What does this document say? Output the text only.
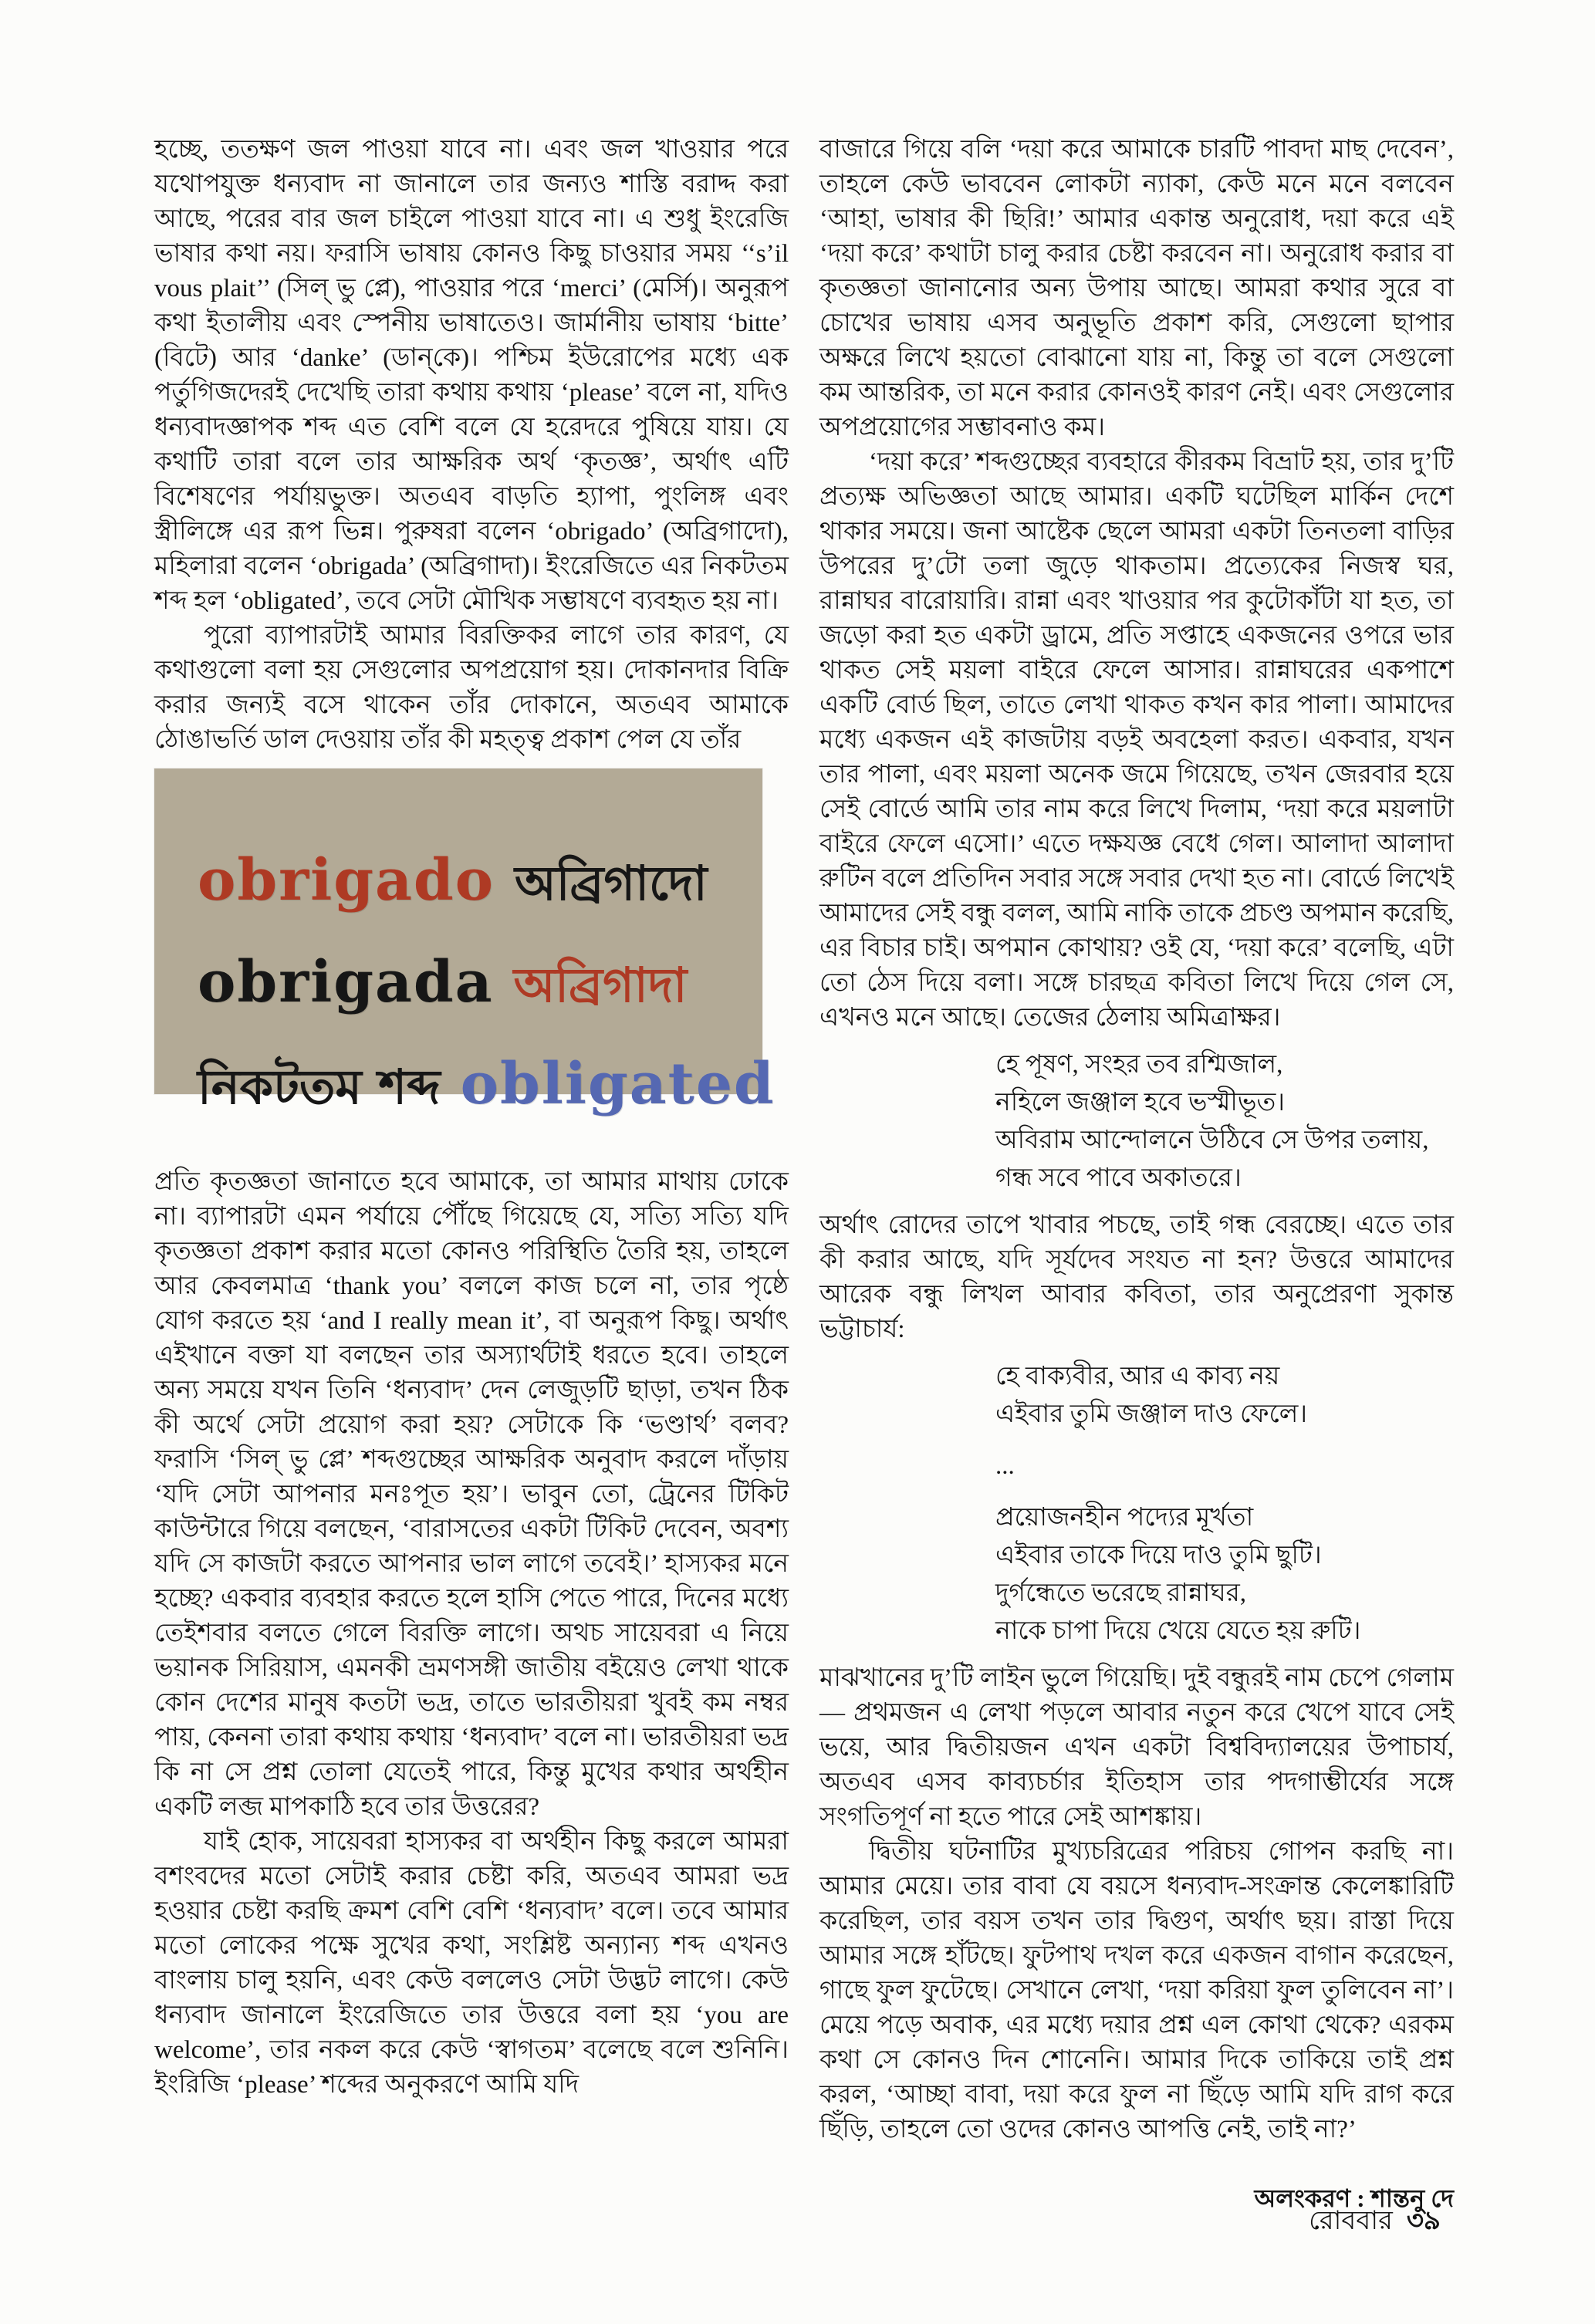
হচ্ছে, ততক্ষণ জল পাওয়া যাবে না। এবং জল খাওয়ার পরে যথোপযুক্ত ধন্যবাদ না জানালে তার জন্যও শাস্তি বরাদ্দ করা আছে, পরের বার জল চাইলে পাওয়া যাবে না। এ শুধু ইংরেজি ভাষার কথা নয়। ফরাসি ভাষায় কোনও কিছু চাওয়ার সময় ‘‘s’il vous plait’’ (সিল্ ভু প্লে), পাওয়ার পরে ‘merci’ (মের্সি)। অনুরূপ কথা ইতালীয় এবং স্পেনীয় ভাষাতেও। জার্মানীয় ভাষায় ‘bitte’ (বিটে) আর ‘danke’ (ডান্‌কে)। পশ্চিম ইউরোপের মধ্যে এক পর্তুগিজদেরই দেখেছি তারা কথায় কথায় ‘please’ বলে না, যদিও ধন্যবাদজ্ঞাপক শব্দ এত বেশি বলে যে হরেদরে পুষিয়ে যায়। যে কথাটি তারা বলে তার আক্ষরিক অর্থ ‘কৃতজ্ঞ’, অর্থাৎ এটি বিশেষণের পর্যায়ভুক্ত। অতএব বাড়তি হ্যাপা, পুংলিঙ্গ এবং স্ত্রীলিঙ্গে এর রূপ ভিন্ন। পুরুষরা বলেন ‘obrigado’ (অব্রিগাদো), মহিলারা বলেন ‘obrigada’ (অব্রিগাদা)। ইংরেজিতে এর নিকটতম শব্দ হল ‘obligated’, তবে সেটা মৌখিক সম্ভাষণে ব্যবহৃত হয় না।

পুরো ব্যাপারটাই আমার বিরক্তিকর লাগে তার কারণ, যে কথাগুলো বলা হয় সেগুলোর অপপ্রয়োগ হয়। দোকানদার বিক্রি করার জন্যই বসে থাকেন তাঁর দোকানে, অতএব আমাকে ঠোঙাভর্তি ডাল দেওয়ায় তাঁর কী মহত্ত্ব প্রকাশ পেল যে তাঁর

obrigado অব্রিগাদো
obrigada অব্রিগাদা
নিকটতম শব্দ obligated

প্রতি কৃতজ্ঞতা জানাতে হবে আমাকে, তা আমার মাথায় ঢোকে না। ব্যাপারটা এমন পর্যায়ে পৌঁছে গিয়েছে যে, সত্যি সত্যি যদি কৃতজ্ঞতা প্রকাশ করার মতো কোনও পরিস্থিতি তৈরি হয়, তাহলে আর কেবলমাত্র ‘thank you’ বললে কাজ চলে না, তার পৃষ্ঠে যোগ করতে হয় ‘and I really mean it’, বা অনুরূপ কিছু। অর্থাৎ এইখানে বক্তা যা বলছেন তার অস্যার্থটাই ধরতে হবে। তাহলে অন্য সময়ে যখন তিনি ‘ধন্যবাদ’ দেন লেজুড়টি ছাড়া, তখন ঠিক কী অর্থে সেটা প্রয়োগ করা হয়? সেটাকে কি ‘ভণ্ডার্থ’ বলব? ফরাসি ‘সিল্ ভু প্লে’ শব্দগুচ্ছের আক্ষরিক অনুবাদ করলে দাঁড়ায় ‘যদি সেটা আপনার মনঃপূত হয়’। ভাবুন তো, ট্রেনের টিকিট কাউন্টারে গিয়ে বলছেন, ‘বারাসতের একটা টিকিট দেবেন, অবশ্য যদি সে কাজটা করতে আপনার ভাল লাগে তবেই।’ হাস্যকর মনে হচ্ছে? একবার ব্যবহার করতে হলে হাসি পেতে পারে, দিনের মধ্যে তেইশবার বলতে গেলে বিরক্তি লাগে। অথচ সায়েবরা এ নিয়ে ভয়ানক সিরিয়াস, এমনকী ভ্রমণসঙ্গী জাতীয় বইয়েও লেখা থাকে কোন দেশের মানুষ কতটা ভদ্র, তাতে ভারতীয়রা খুবই কম নম্বর পায়, কেননা তারা কথায় কথায় ‘ধন্যবাদ’ বলে না। ভারতীয়রা ভদ্র কি না সে প্রশ্ন তোলা যেতেই পারে, কিন্তু মুখের কথার অর্থহীন একটি লব্জ মাপকাঠি হবে তার উত্তরের?

যাই হোক, সায়েবরা হাস্যকর বা অর্থহীন কিছু করলে আমরা বশংবদের মতো সেটাই করার চেষ্টা করি, অতএব আমরা ভদ্র হওয়ার চেষ্টা করছি ক্রমশ বেশি বেশি ‘ধন্যবাদ’ বলে। তবে আমার মতো লোকের পক্ষে সুখের কথা, সংশ্লিষ্ট অন্যান্য শব্দ এখনও বাংলায় চালু হয়নি, এবং কেউ বললেও সেটা উদ্ভট লাগে। কেউ ধন্যবাদ জানালে ইংরেজিতে তার উত্তরে বলা হয় ‘you are welcome’, তার নকল করে কেউ ‘স্বাগতম’ বলেছে বলে শুনিনি। ইংরিজি ‘please’ শব্দের অনুকরণে আমি যদি

বাজারে গিয়ে বলি ‘দয়া করে আমাকে চারটি পাবদা মাছ দেবেন’, তাহলে কেউ ভাববেন লোকটা ন্যাকা, কেউ মনে মনে বলবেন ‘আহা, ভাষার কী ছিরি!’ আমার একান্ত অনুরোধ, দয়া করে এই ‘দয়া করে’ কথাটা চালু করার চেষ্টা করবেন না। অনুরোধ করার বা কৃতজ্ঞতা জানানোর অন্য উপায় আছে। আমরা কথার সুরে বা চোখের ভাষায় এসব অনুভূতি প্রকাশ করি, সেগুলো ছাপার অক্ষরে লিখে হয়তো বোঝানো যায় না, কিন্তু তা বলে সেগুলো কম আন্তরিক, তা মনে করার কোনওই কারণ নেই। এবং সেগুলোর অপপ্রয়োগের সম্ভাবনাও কম।

‘দয়া করে’ শব্দগুচ্ছের ব্যবহারে কীরকম বিভ্রাট হয়, তার দু’টি প্রত্যক্ষ অভিজ্ঞতা আছে আমার। একটি ঘটেছিল মার্কিন দেশে থাকার সময়ে। জনা আষ্টেক ছেলে আমরা একটা তিনতলা বাড়ির উপরের দু’টো তলা জুড়ে থাকতাম। প্রত্যেকের নিজস্ব ঘর, রান্নাঘর বারোয়ারি। রান্না এবং খাওয়ার পর কুটোকাঁটা যা হত, তা জড়ো করা হত একটা ড্রামে, প্রতি সপ্তাহে একজনের ওপরে ভার থাকত সেই ময়লা বাইরে ফেলে আসার। রান্নাঘরের একপাশে একটি বোর্ড ছিল, তাতে লেখা থাকত কখন কার পালা। আমাদের মধ্যে একজন এই কাজটায় বড়ই অবহেলা করত। একবার, যখন তার পালা, এবং ময়লা অনেক জমে গিয়েছে, তখন জেরবার হয়ে সেই বোর্ডে আমি তার নাম করে লিখে দিলাম, ‘দয়া করে ময়লাটা বাইরে ফেলে এসো।’ এতে দক্ষযজ্ঞ বেধে গেল। আলাদা আলাদা রুটিন বলে প্রতিদিন সবার সঙ্গে সবার দেখা হত না। বোর্ডে লিখেই আমাদের সেই বন্ধু বলল, আমি নাকি তাকে প্রচণ্ড অপমান করেছি, এর বিচার চাই। অপমান কোথায়? ওই যে, ‘দয়া করে’ বলেছি, এটা তো ঠেস দিয়ে বলা। সঙ্গে চারছত্র কবিতা লিখে দিয়ে গেল সে, এখনও মনে আছে। তেজের ঠেলায় অমিত্রাক্ষর।

হে পূষণ, সংহর তব রশ্মিজাল,
নহিলে জঞ্জাল হবে ভস্মীভূত।
অবিরাম আন্দোলনে উঠিবে সে উপর তলায়,
গন্ধ সবে পাবে অকাতরে।

অর্থাৎ রোদের তাপে খাবার পচছে, তাই গন্ধ বেরচ্ছে। এতে তার কী করার আছে, যদি সূর্যদেব সংযত না হন? উত্তরে আমাদের আরেক বন্ধু লিখল আবার কবিতা, তার অনুপ্রেরণা সুকান্ত ভট্টাচার্য:

হে বাক্যবীর, আর এ কাব্য নয়
এইবার তুমি জঞ্জাল দাও ফেলে।
...
প্রয়োজনহীন পদ্যের মূর্খতা
এইবার তাকে দিয়ে দাও তুমি ছুটি।
দুর্গন্ধেতে ভরেছে রান্নাঘর,
নাকে চাপা দিয়ে খেয়ে যেতে হয় রুটি।

মাঝখানের দু’টি লাইন ভুলে গিয়েছি। দুই বন্ধুরই নাম চেপে গেলাম— প্রথমজন এ লেখা পড়লে আবার নতুন করে খেপে যাবে সেই ভয়ে, আর দ্বিতীয়জন এখন একটা বিশ্ববিদ্যালয়ের উপাচার্য, অতএব এসব কাব্যচর্চার ইতিহাস তার পদগাম্ভীর্যের সঙ্গে সংগতিপূর্ণ না হতে পারে সেই আশঙ্কায়।

দ্বিতীয় ঘটনাটির মুখ্যচরিত্রের পরিচয় গোপন করছি না। আমার মেয়ে। তার বাবা যে বয়সে ধন্যবাদ-সংক্রান্ত কেলেঙ্কারিটি করেছিল, তার বয়স তখন তার দ্বিগুণ, অর্থাৎ ছয়। রাস্তা দিয়ে আমার সঙ্গে হাঁটছে। ফুটপাথ দখল করে একজন বাগান করেছেন, গাছে ফুল ফুটেছে। সেখানে লেখা, ‘দয়া করিয়া ফুল তুলিবেন না’। মেয়ে পড়ে অবাক, এর মধ্যে দয়ার প্রশ্ন এল কোথা থেকে? এরকম কথা সে কোনও দিন শোনেনি। আমার দিকে তাকিয়ে তাই প্রশ্ন করল, ‘আচ্ছা বাবা, দয়া করে ফুল না ছিঁড়ে আমি যদি রাগ করে ছিঁড়ি, তাহলে তো ওদের কোনও আপত্তি নেই, তাই না?’

অলংকরণ : শান্তনু দে
রোববার ৩৯
